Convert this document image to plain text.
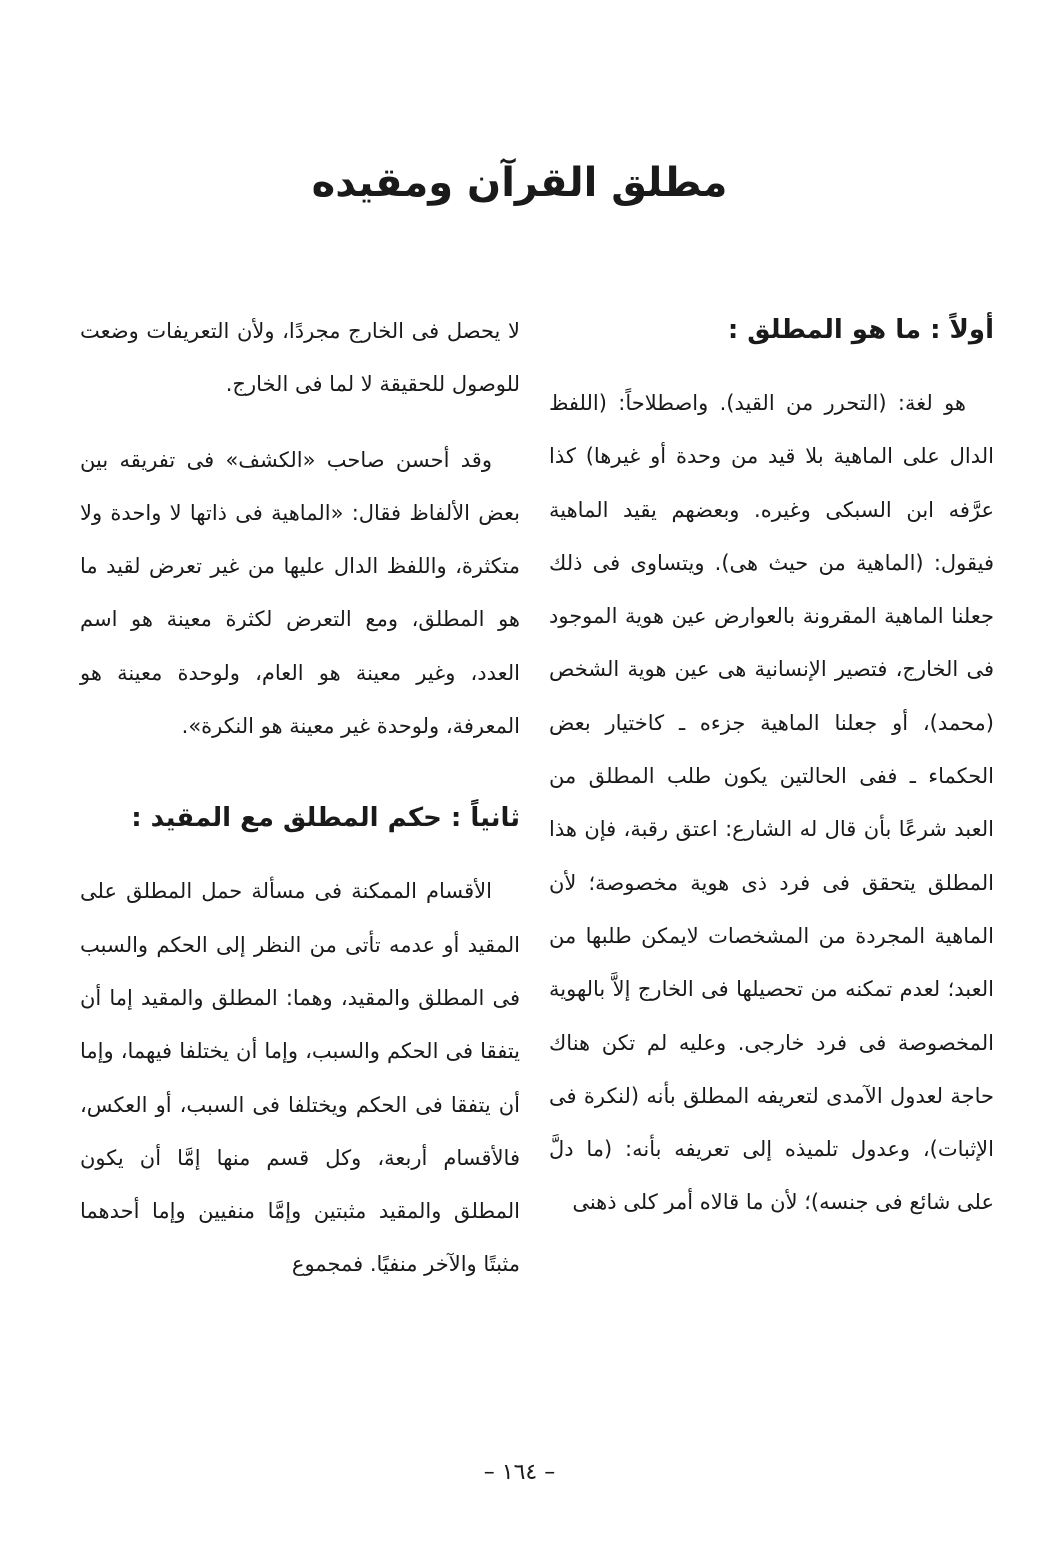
مطلق القرآن ومقيده
أولاً : ما هو المطلق :

هو لغة: (التحرر من القيد). واصطلاحاً: (اللفظ الدال على الماهية بلا قيد من وحدة أو غيرها) كذا عرَّفه ابن السبكى وغيره. وبعضهم يقيد الماهية فيقول: (الماهية من حيث هى). ويتساوى فى ذلك جعلنا الماهية المقرونة بالعوارض عين هوية الموجود فى الخارج، فتصير الإنسانية هى عين هوية الشخص (محمد)، أو جعلنا الماهية جزءه ـ كاختيار بعض الحكماء ـ ففى الحالتين يكون طلب المطلق من العبد شرعًا بأن قال له الشارع: اعتق رقبة، فإن هذا المطلق يتحقق فى فرد ذى هوية مخصوصة؛ لأن الماهية المجردة من المشخصات لايمكن طلبها من العبد؛ لعدم تمكنه من تحصيلها فى الخارج إلاَّ بالهوية المخصوصة فى فرد خارجى. وعليه لم تكن هناك حاجة لعدول الآمدى لتعريفه المطلق بأنه (لنكرة فى الإثبات)، وعدول تلميذه إلى تعريفه بأنه: (ما دلَّ على شائع فى جنسه)؛ لأن ما قالاه أمر كلى ذهنى

لا يحصل فى الخارج مجردًا، ولأن التعريفات وضعت للوصول للحقيقة لا لما فى الخارج.

وقد أحسن صاحب «الكشف» فى تفريقه بين بعض الألفاظ فقال: «الماهية فى ذاتها لا واحدة ولا متكثرة، واللفظ الدال عليها من غير تعرض لقيد ما هو المطلق، ومع التعرض لكثرة معينة هو اسم العدد، وغير معينة هو العام، ولوحدة معينة هو المعرفة، ولوحدة غير معينة هو النكرة».

ثانياً : حكم المطلق مع المقيد :

الأقسام الممكنة فى مسألة حمل المطلق على المقيد أو عدمه تأتى من النظر إلى الحكم والسبب فى المطلق والمقيد، وهما: المطلق والمقيد إما أن يتفقا فى الحكم والسبب، وإما أن يختلفا فيهما، وإما أن يتفقا فى الحكم ويختلفا فى السبب، أو العكس، فالأقسام أربعة، وكل قسم منها إمَّا أن يكون المطلق والمقيد مثبتين وإمَّا منفيين وإما أحدهما مثبتًا والآخر منفيًا. فمجموع

– ١٦٤ –
